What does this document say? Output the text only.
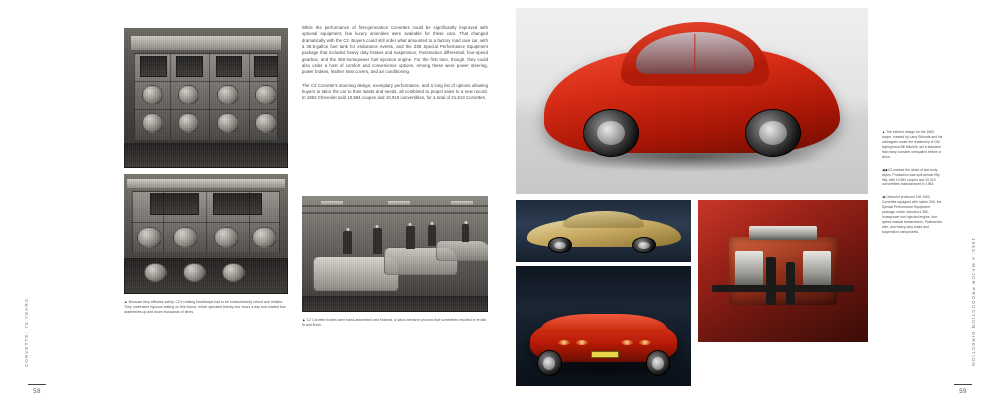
CORVETTE: 70 YEARS
58
▲ Because they affected safety, C2's rotating headlamps had to be extraordinarily robust and reliable. They underwent rigorous testing on this fixture, which operated twenty-four hours a day and rotated four assemblies up and down thousands of times.

While the performance of first-generation Corvettes could be significantly improved with optional equipment, few luxury amenities were available for these cars. That changed dramatically with the C2. Buyers could still order what amounted to a factory road race car, with a 36.5-gallon fuel tank for endurance events, and the Z06 Special Performance Equipment package that included heavy duty brakes and suspension, Positraction differential, four-speed gearbox, and the 360-horsepower fuel-injection engine. For the first time, though, they could also order a host of comfort and convenience options. Among these were power steering, power brakes, leather seat covers, and air conditioning.

The C2 Corvette's stunning design, exemplary performance, and a long list of options allowing buyers to tailor the car to their wants and needs, all combined to propel sales to a new record. In 1963 Chevrolet sold 10,594 coupes and 10,919 convertibles, for a total of 21,513 Corvettes.

▲ C2 Corvette bodies were hand-assembled and finished, a labor-intensive process that sometimes resulted in erratic fit and finish.	1963: A MAJOR PRODUCTION DIRECTION
59
▲ The exterior design for the 1963 coupe, created by Larry Shinoda and his colleagues under the leadership of GM styling boss Bill Mitchell, set a standard that many consider unequaled before or since.
◀◀ C2 marked the debut of two body styles. Production was split almost fifty-fifty, with 10,594 coupes and 10,919 convertibles manufactured in 1963.
◀ Chevrolet produced 199 1963 Corvettes equipped with option Z06, the Special Performance Equipment package, which included a 360-horsepower fuel-injected engine, four-speed manual transmission, Positraction axle, and heavy-duty brake and suspension components.
